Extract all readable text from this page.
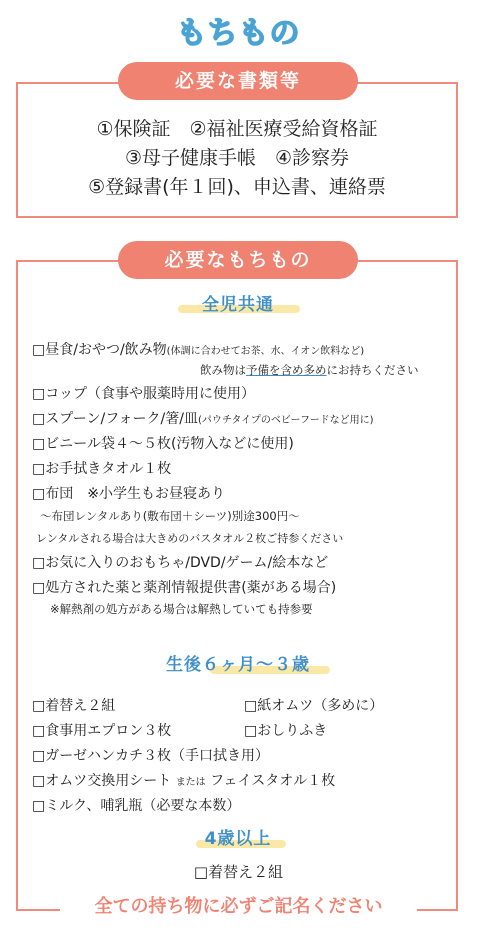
もちもの
必要な書類等
①保険証　②福祉医療受給資格証
③母子健康手帳　④診察券
⑤登録書(年１回)、申込書、連絡票
必要なもちもの
全児共通
□昼食/おやつ/飲み物(体調に合わせてお茶、水、イオン飲料など)
飲み物は予備を含め多めにお持ちください
□コップ（食事や服薬時用に使用）
□スプーン/フォーク/箸/皿(パウチタイプのベビーフードなど用に)
□ビニール袋４～５枚(汚物入などに使用)
□お手拭きタオル１枚
□布団　※小学生もお昼寝あり
～布団レンタルあり(敷布団＋シーツ)別途300円～
レンタルされる場合は大きめのバスタオル２枚ご持参ください
□お気に入りのおもちゃ/DVD/ゲーム/絵本など
□処方された薬と薬剤情報提供書(薬がある場合)
※解熱剤の処方がある場合は解熱していても持参要
生後６ヶ月～３歳
□着替え２組	□紙オムツ（多めに）
□食事用エプロン３枚	□おしりふき
□ガーゼハンカチ３枚（手口拭き用）
□オムツ交換用シート または フェイスタオル１枚
□ミルク、哺乳瓶（必要な本数）
4歳以上
□着替え２組
全ての持ち物に必ずご記名ください
